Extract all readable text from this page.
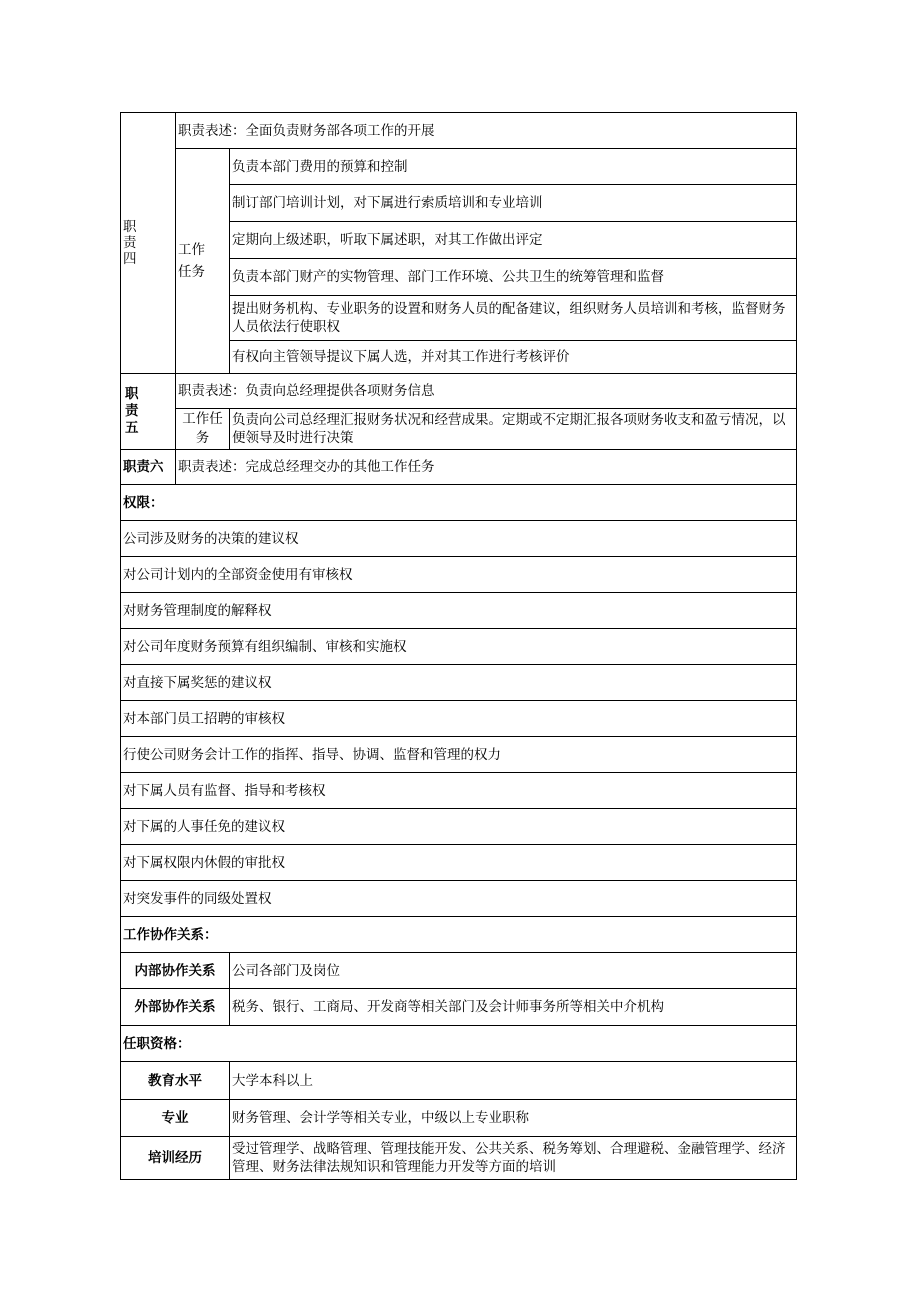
职责四	职责表述：全面负责财务部各项工作的开展	

	工作任务	负责本部门费用的预算和控制
		制订部门培训计划，对下属进行索质培训和专业培训
		定期向上级述职，听取下属述职，对其工作做出评定
		负责本部门财产的实物管理、部门工作环境、公共卫生的统筹管理和监督
		提出财务机构、专业职务的设置和财务人员的配备建议，组织财务人员培训和考核，监督财务人员依法行使职权
		有权向主管领导提议下属人选，并对其工作进行考核评价

职责五	职责表述：负责向总经理提供各项财务信息	

	工作任务	负责向公司总经理汇报财务状况和经营成果。定期或不定期汇报各项财务收支和盈亏情况，以便领导及时进行决策
职责六	职责表述：完成总经理交办的其他工作任务	
权限：		
公司涉及财务的决策的建议权		
对公司计划内的全部资金使用有审核权		
对财务管理制度的解释权		
对公司年度财务预算有组织编制、审核和实施权		
对直接下属奖惩的建议权		
对本部门员工招聘的审核权		
行使公司财务会计工作的指挥、指导、协调、监督和管理的权力		
对下属人员有监督、指导和考核权		
对下属的人事任免的建议权		
对下属权限内休假的审批权		
对突发事件的同级处置权		
工作协作关系：		
内部协作关系		公司各部门及岗位
外部协作关系		税务、银行、工商局、开发商等相关部门及会计师事务所等相关中介机构
任职资格：		
教育水平		大学本科以上
专业		财务管理、会计学等相关专业，中级以上专业职称
培训经历		受过管理学、战略管理、管理技能开发、公共关系、税务筹划、合理避税、金融管理学、经济管理、财务法律法规知识和管理能力开发等方面的培训
